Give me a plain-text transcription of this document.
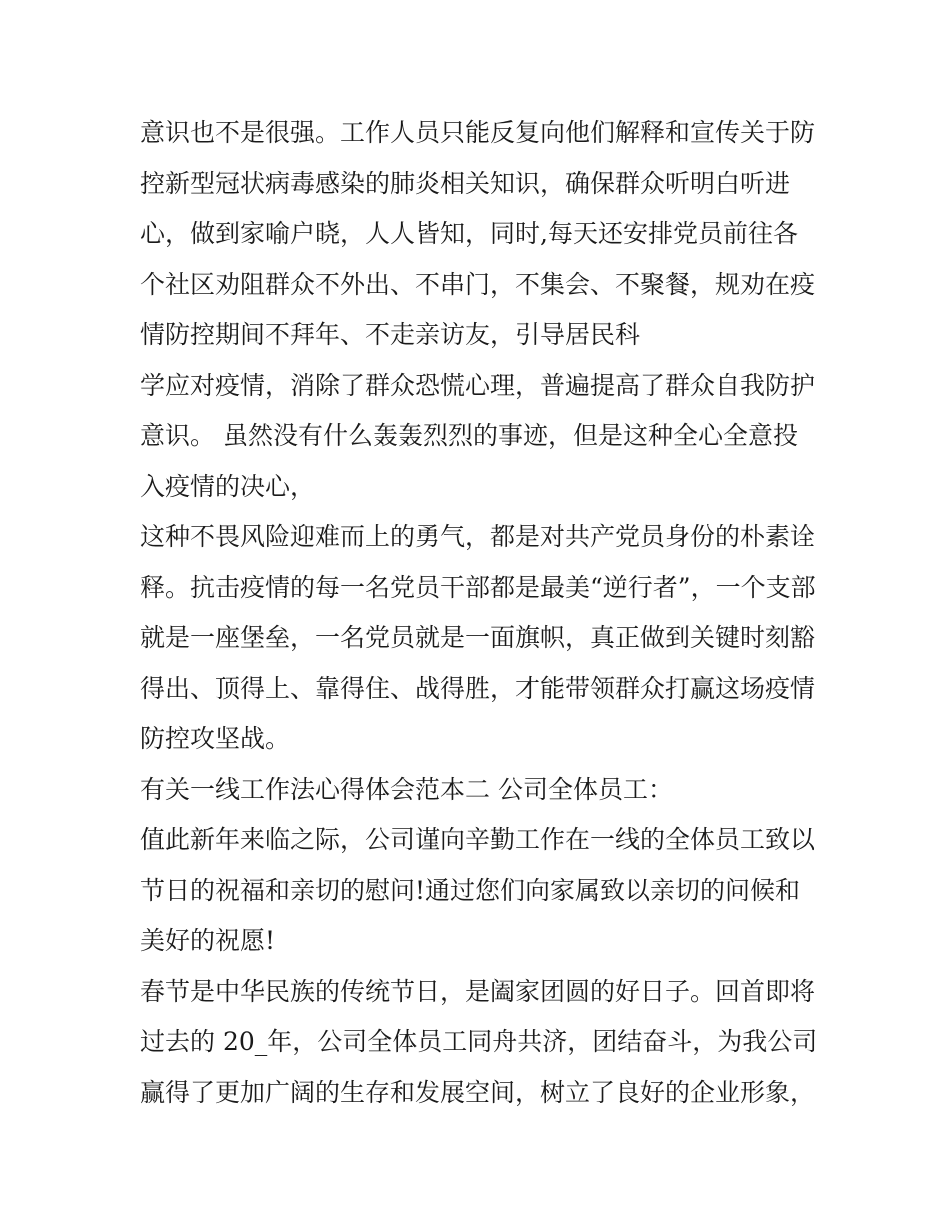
意识也不是很强。工作人员只能反复向他们解释和宣传关于防
控新型冠状病毒感染的肺炎相关知识，确保群众听明白听进
心，做到家喻户晓，人人皆知，同时,每天还安排党员前往各
个社区劝阻群众不外出、不串门，不集会、不聚餐，规劝在疫
情防控期间不拜年、不走亲访友，引导居民科
学应对疫情，消除了群众恐慌心理，普遍提高了群众自我防护
意识。 虽然没有什么轰轰烈烈的事迹，但是这种全心全意投
入疫情的决心，
这种不畏风险迎难而上的勇气，都是对共产党员身份的朴素诠
释。抗击疫情的每一名党员干部都是最美“逆行者”，一个支部
就是一座堡垒，一名党员就是一面旗帜，真正做到关键时刻豁
得出、顶得上、靠得住、战得胜，才能带领群众打赢这场疫情
防控攻坚战。
有关一线工作法心得体会范本二 公司全体员工：
值此新年来临之际，公司谨向辛勤工作在一线的全体员工致以
节日的祝福和亲切的慰问!通过您们向家属致以亲切的问候和
美好的祝愿!
春节是中华民族的传统节日，是阖家团圆的好日子。回首即将
过去的 20_年，公司全体员工同舟共济，团结奋斗，为我公司
赢得了更加广阔的生存和发展空间，树立了良好的企业形象，
